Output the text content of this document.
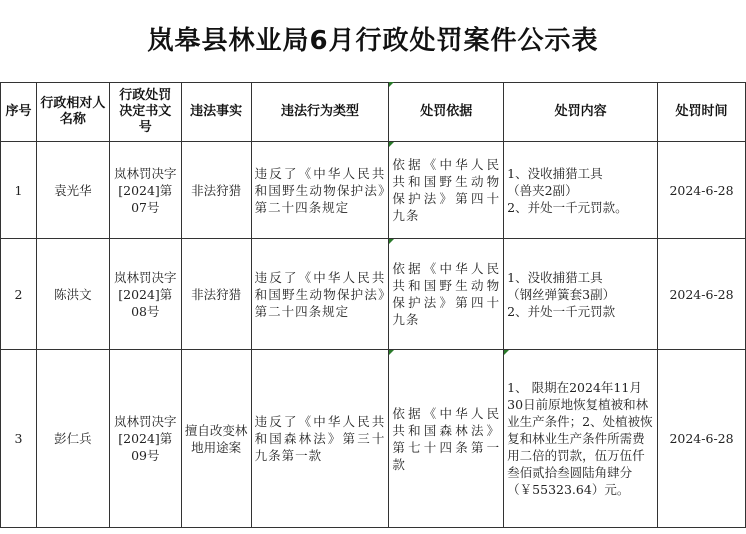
岚皋县林业局6月行政处罚案件公示表
序号	行政相对人名称	行政处罚决定书文号	违法事实	违法行为类型	处罚依据	处罚内容	处罚时间
1	袁光华	岚林罚决字[2024]第07号	非法狩猎	违反了《中华人民共和国野生动物保护法》第二十四条规定	依据《中华人民共和国野生动物保护法》第四十九条	1、没收捕猎工具
（兽夹2副）
2、并处一千元罚款。	2024-6-28
2	陈洪文	岚林罚决字[2024]第08号	非法狩猎	违反了《中华人民共和国野生动物保护法》第二十四条规定	依据《中华人民共和国野生动物保护法》第四十九条	1、没收捕猎工具
（钢丝弹簧套3副）
2、并处一千元罚款	2024-6-28
3	彭仁兵	岚林罚决字[2024]第09号	擅自改变林地用途案	违反了《中华人民共和国森林法》第三十九条第一款	依据《中华人民共和国森林法》第七十四条第一款	1、 限期在2024年11月30日前原地恢复植被和林业生产条件；2、处植被恢复和林业生产条件所需费用二倍的罚款，伍万伍仟叁佰贰拾叁圆陆角肆分（￥55323.64）元。	2024-6-28
